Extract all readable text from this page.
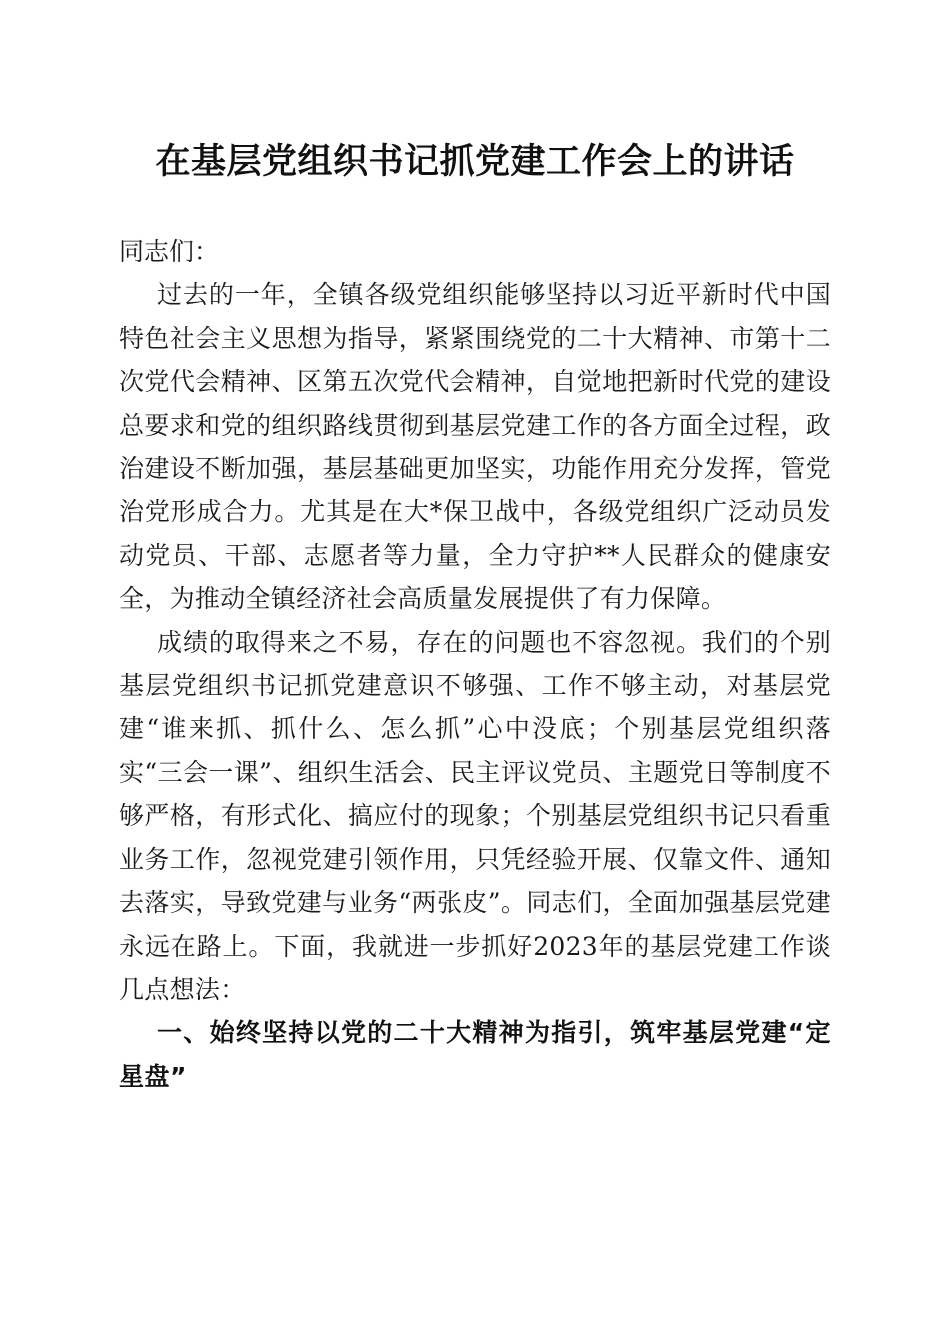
在基层党组织书记抓党建工作会上的讲话

同志们：

过去的一年，全镇各级党组织能够坚持以习近平新时代中国特色社会主义思想为指导，紧紧围绕党的二十大精神、市第十二次党代会精神、区第五次党代会精神，自觉地把新时代党的建设总要求和党的组织路线贯彻到基层党建工作的各方面全过程，政治建设不断加强，基层基础更加坚实，功能作用充分发挥，管党治党形成合力。尤其是在大*保卫战中，各级党组织广泛动员发动党员、干部、志愿者等力量，全力守护**人民群众的健康安全，为推动全镇经济社会高质量发展提供了有力保障。

成绩的取得来之不易，存在的问题也不容忽视。我们的个别基层党组织书记抓党建意识不够强、工作不够主动，对基层党建“谁来抓、抓什么、怎么抓”心中没底；个别基层党组织落实“三会一课”、组织生活会、民主评议党员、主题党日等制度不够严格，有形式化、搞应付的现象；个别基层党组织书记只看重业务工作，忽视党建引领作用，只凭经验开展、仅靠文件、通知去落实，导致党建与业务“两张皮”。同志们，全面加强基层党建永远在路上。下面，我就进一步抓好2023年的基层党建工作谈几点想法：

一、始终坚持以党的二十大精神为指引，筑牢基层党建“定星盘”
